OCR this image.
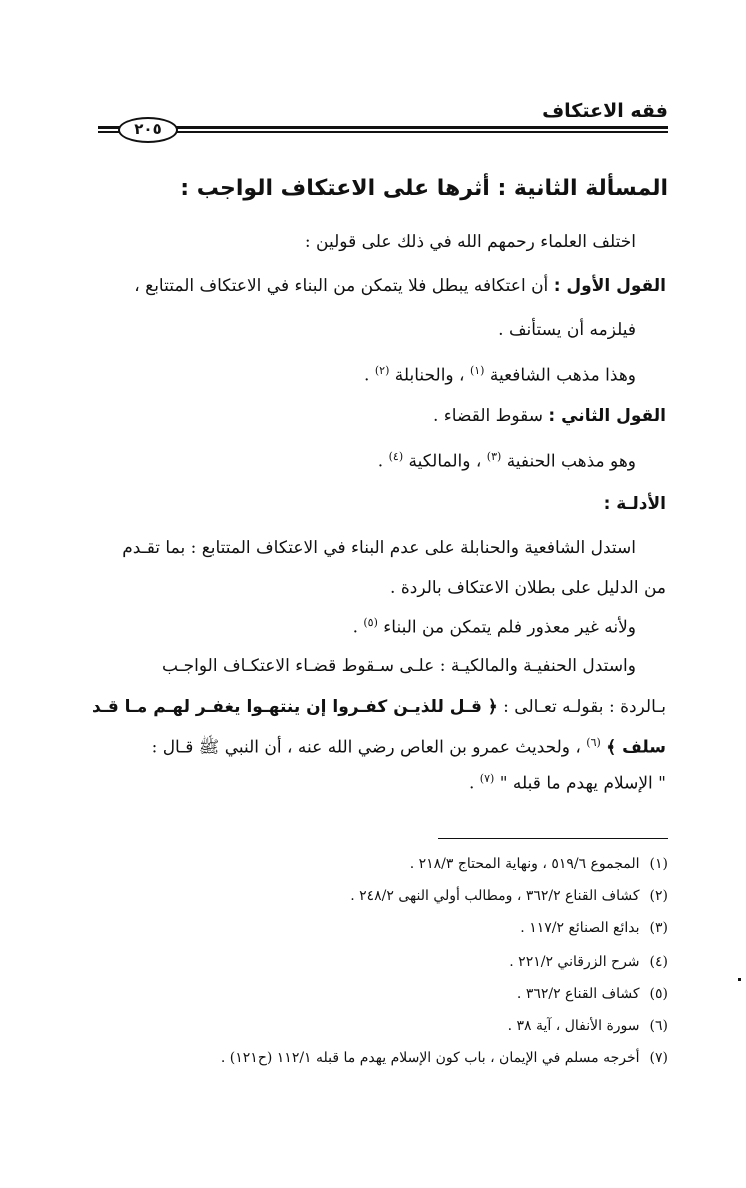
فقه الاعتكاف
٢٠٥
المسألة الثانية : أثرها على الاعتكاف الواجب :
اختلف العلماء رحمهم الله في ذلك على قولين :
القول الأول : أن اعتكافه يبطل فلا يتمكن من البناء في الاعتكاف المتتابع ،
فيلزمه أن يستأنف .
وهذا مذهب الشافعية $^{(١)}$ ، والحنابلة $^{(٢)}$ .
القول الثاني : سقوط القضاء .
وهو مذهب الحنفية $^{(٣)}$ ، والمالكية $^{(٤)}$ .
الأدلـة :
استدل الشافعية والحنابلة على عدم البناء في الاعتكاف المتتابع : بما تقـدم
من الدليل على بطلان الاعتكاف بالردة .
ولأنه غير معذور فلم يتمكن من البناء $^{(٥)}$ .
واستدل الحنفيـة والمالكيـة : علـى سـقوط قضـاء الاعتكـاف الواجـب
بـالردة : بقولـه تعـالى : ﴿ قـل للذيـن كفـروا إن ينتهـوا يغفـر لهـم مـا قـد
سلف ﴾ $^{(٦)}$ ، ولحديث عمرو بن العاص رضي الله عنه ، أن النبي ﷺ قـال :
" الإسلام يهدم ما قبله " $^{(٧)}$ .
(١)المجموع ٥١٩/٦ ، ونهاية المحتاج ٢١٨/٣ .
(٢)كشاف القناع ٣٦٢/٢ ، ومطالب أولي النهى ٢٤٨/٢ .
(٣)بدائع الصنائع ١١٧/٢ .
(٤)شرح الزرقاني ٢٢١/٢ .
(٥)كشاف القناع ٣٦٢/٢ .
(٦)سورة الأنفال ، آية ٣٨ .
(٧)أخرجه مسلم في الإيمان ، باب كون الإسلام يهدم ما قبله ١١٢/١ (ح١٢١) .
